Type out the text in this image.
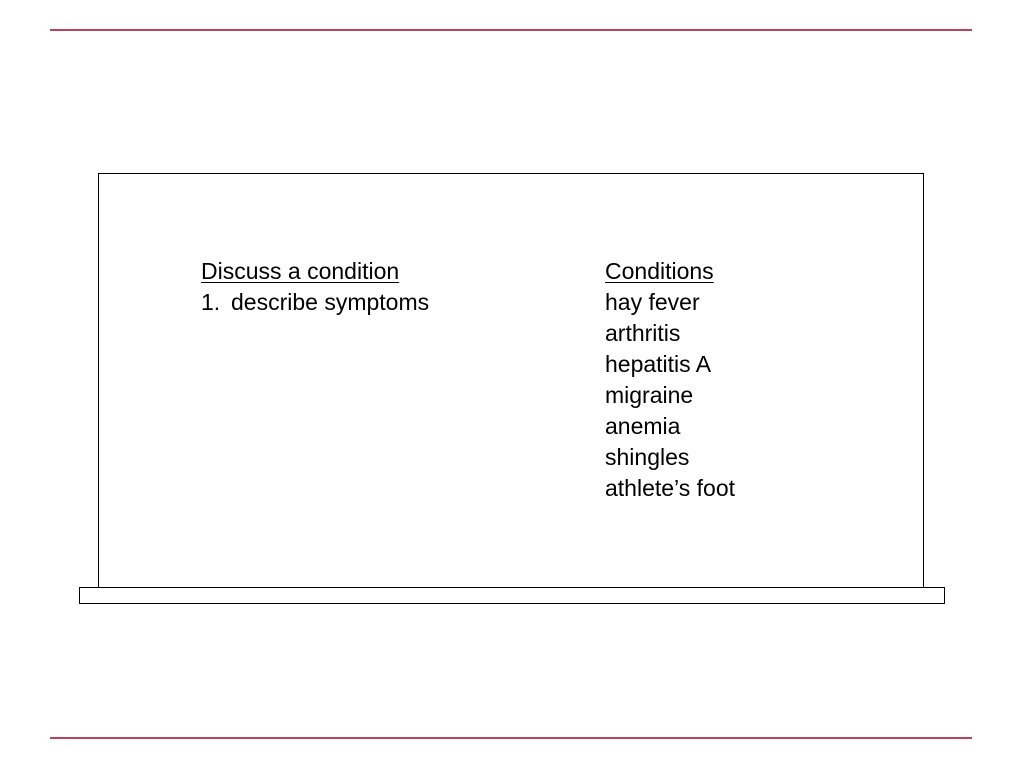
Discuss a condition
1. describe symptoms
Conditions
hay fever
arthritis
hepatitis A
migraine
anemia
shingles
athlete’s foot
